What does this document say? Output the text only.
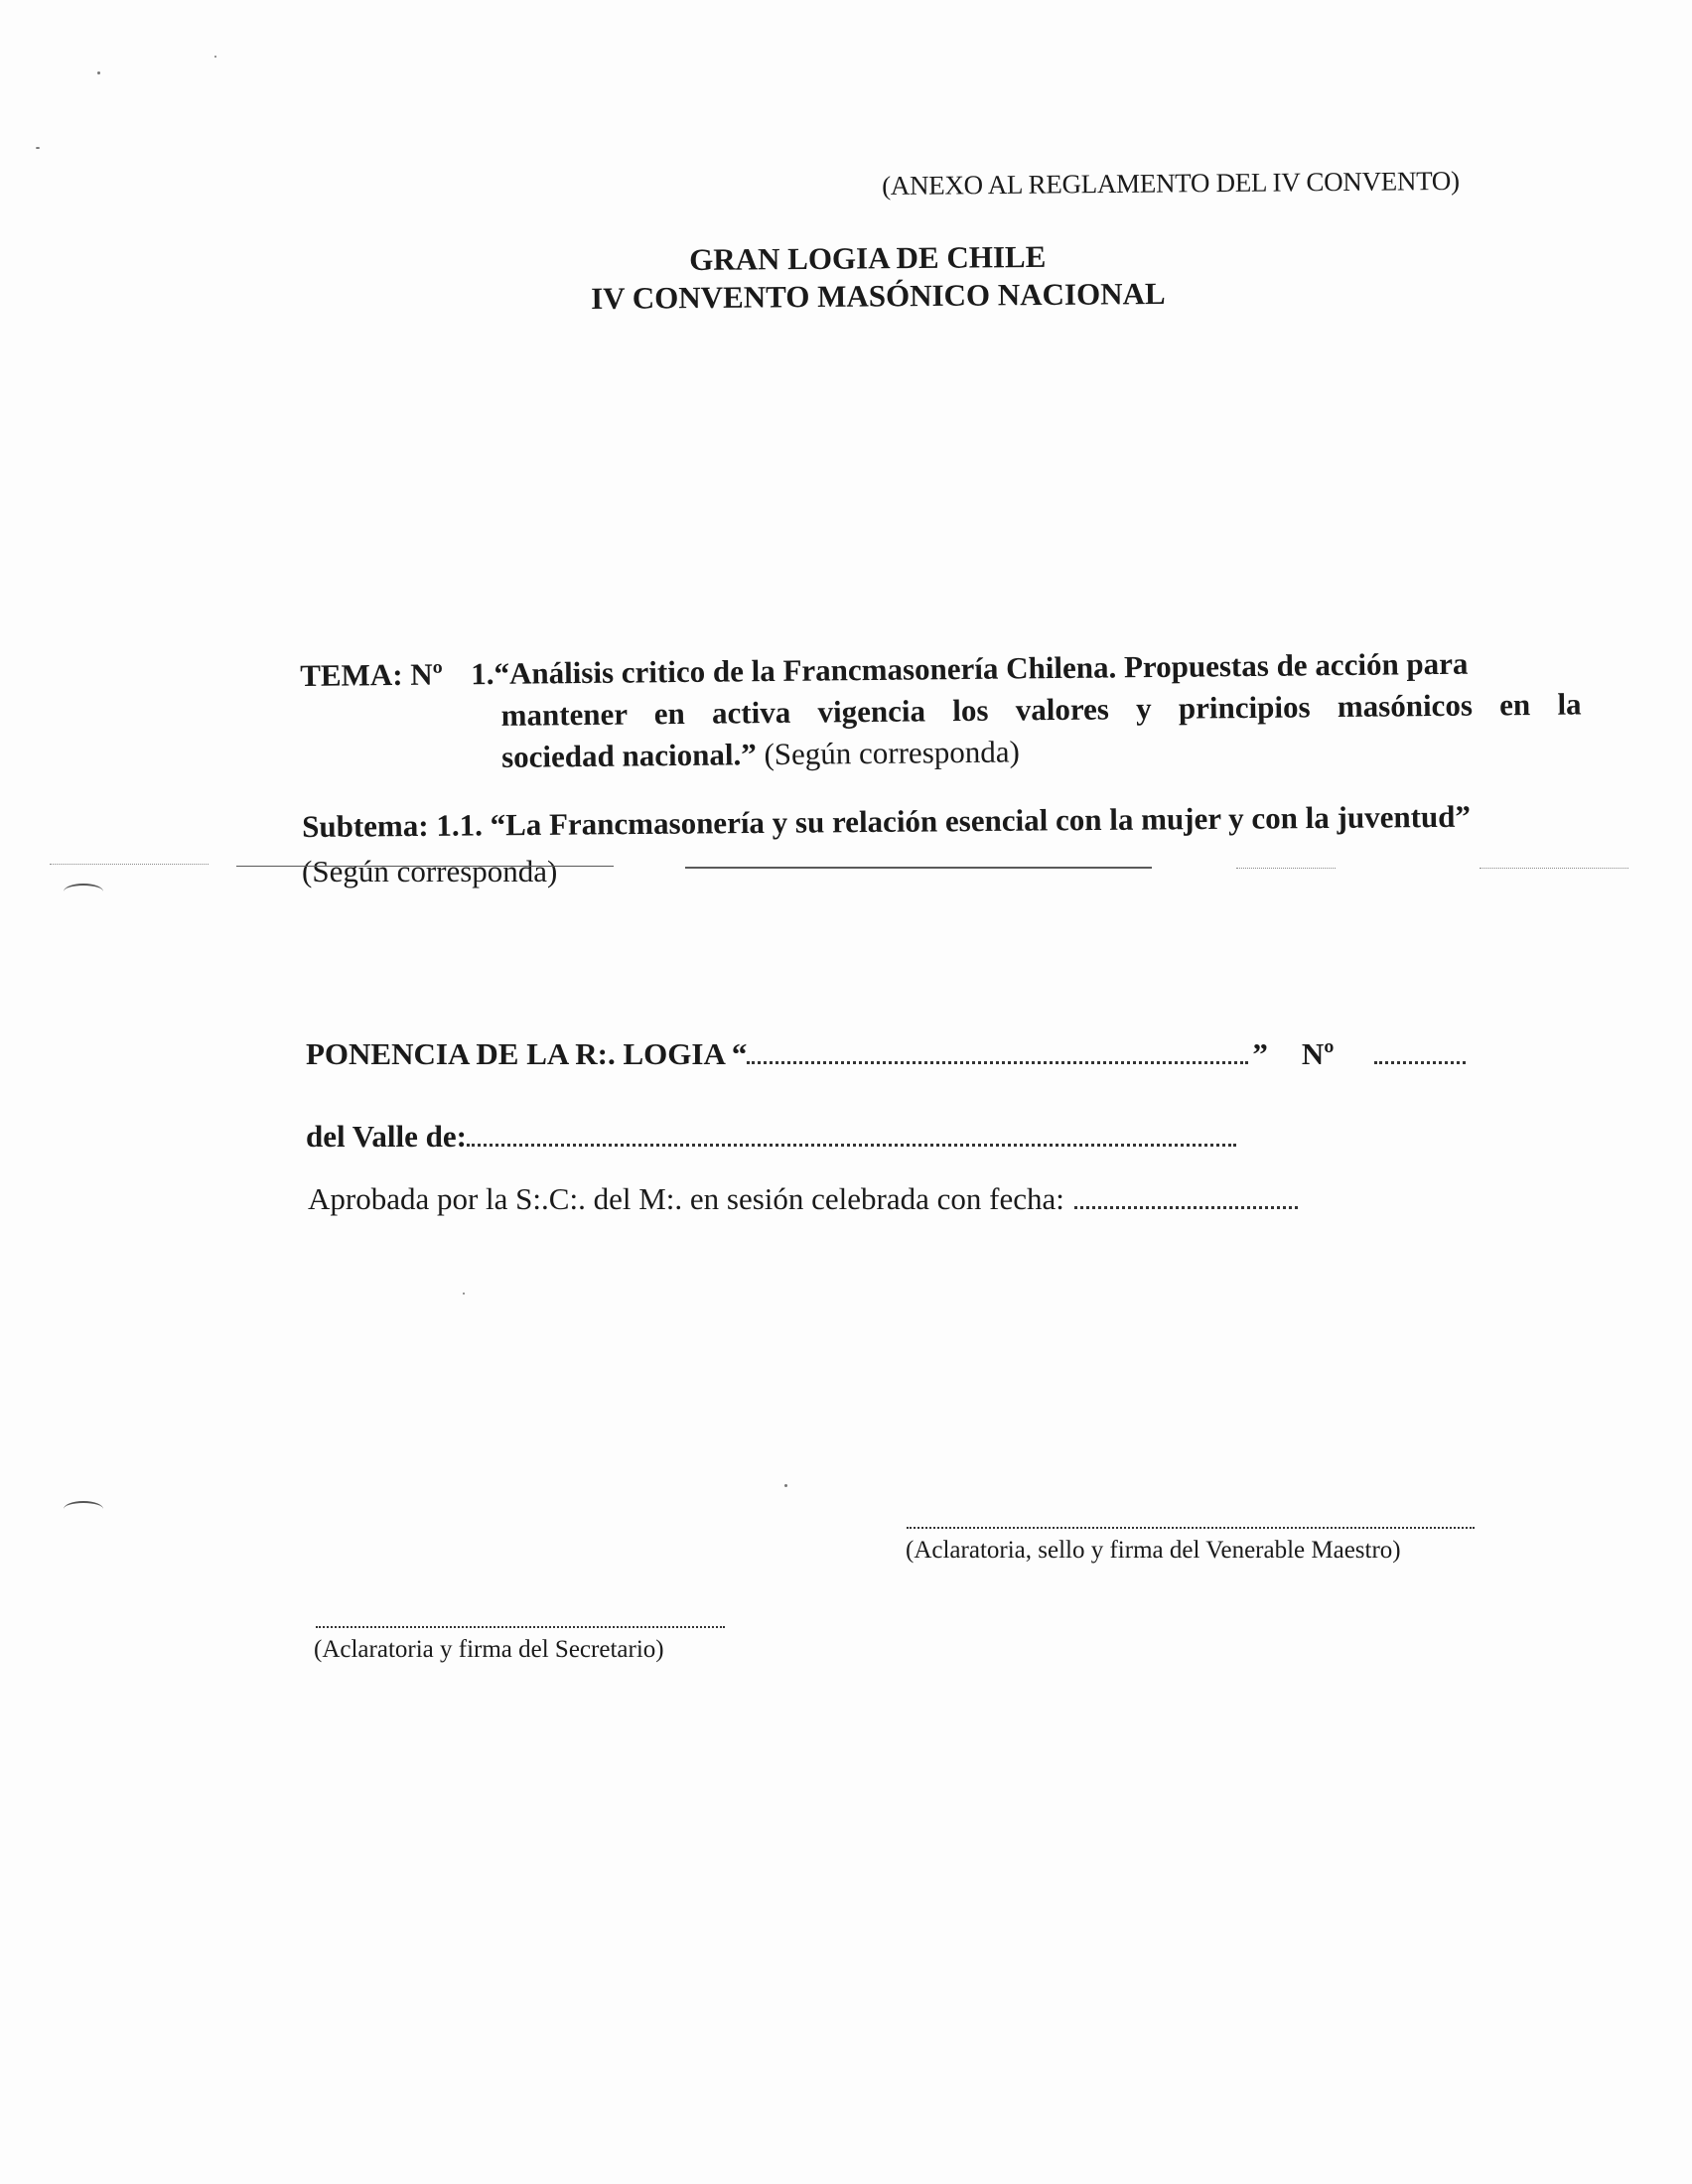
(ANEXO AL REGLAMENTO DEL IV CONVENTO)
GRAN LOGIA DE CHILE
IV CONVENTO MASÓNICO NACIONAL
TEMA: Nº 1.“Análisis critico de la Francmasonería Chilena. Propuestas de acción para
mantener en activa vigencia los valores y principios masónicos en la
sociedad nacional.” (Según corresponda)
Subtema: 1.1. “La Francmasonería y su relación esencial con la mujer y con la juventud”
(Según corresponda)
PONENCIA DE LA R:. LOGIA “	” Nº
del Valle de:
Aprobada por la S:.C:. del M:. en sesión celebrada con fecha:
(Aclaratoria, sello y firma del Venerable Maestro)
(Aclaratoria y firma del Secretario)
